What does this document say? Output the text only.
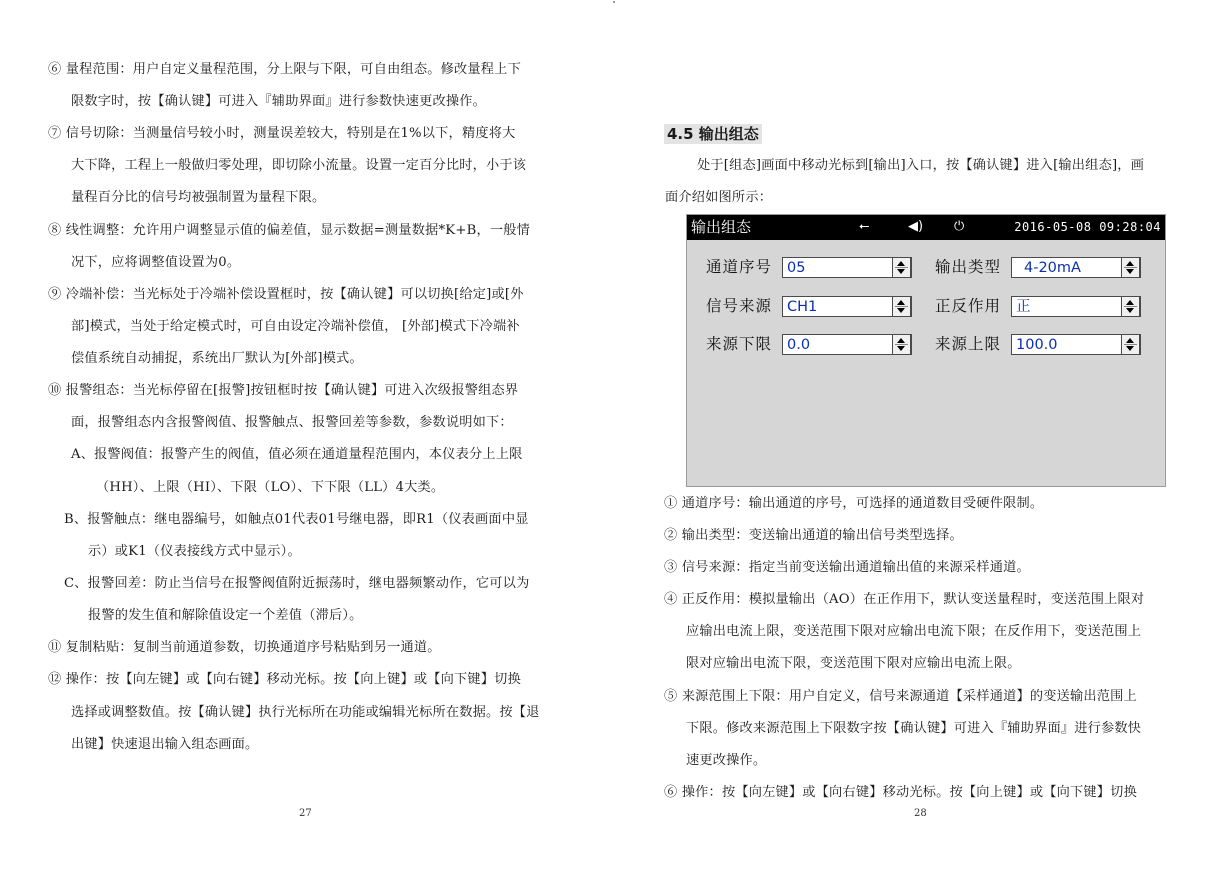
⑥ 量程范围：用户自定义量程范围，分上限与下限，可自由组态。修改量程上下
限数字时，按【确认键】可进入『辅助界面』进行参数快速更改操作。
⑦ 信号切除：当测量信号较小时，测量误差较大，特别是在1%以下，精度将大
大下降，工程上一般做归零处理，即切除小流量。设置一定百分比时，小于该
量程百分比的信号均被强制置为量程下限。
⑧ 线性调整：允许用户调整显示值的偏差值，显示数据=测量数据*K+B，一般情
况下，应将调整值设置为0。
⑨ 冷端补偿：当光标处于冷端补偿设置框时，按【确认键】可以切换[给定]或[外
部]模式，当处于给定模式时，可自由设定冷端补偿值， [外部]模式下冷端补
偿值系统自动捕捉，系统出厂默认为[外部]模式。
⑩ 报警组态：当光标停留在[报警]按钮框时按【确认键】可进入次级报警组态界
面，报警组态内含报警阀值、报警触点、报警回差等参数，参数说明如下：
A、报警阀值：报警产生的阀值，值必须在通道量程范围内，本仪表分上上限
（HH）、上限（HI）、下限（LO）、下下限（LL）4大类。
B、报警触点：继电器编号，如触点01代表01号继电器，即R1（仪表画面中显
示）或K1（仪表接线方式中显示）。
C、报警回差：防止当信号在报警阀值附近振荡时，继电器频繁动作，它可以为
报警的发生值和解除值设定一个差值（滞后）。
⑪ 复制粘贴：复制当前通道参数，切换通道序号粘贴到另一通道。
⑫ 操作：按【向左键】或【向右键】移动光标。按【向上键】或【向下键】切换
选择或调整数值。按【确认键】执行光标所在功能或编辑光标所在数据。按【退
出键】快速退出输入组态画面。
27
4.5 输出组态
处于[组态]画面中移动光标到[输出]入口，按【确认键】进入[输出组态]，画
面介绍如图所示：
输出组态	⭠	◀) ⏻	2016-05-08 09:28:04
通道序号 05	输出类型 4-20mA
信号来源 CH1	正反作用 正
来源下限 0.0	来源上限 100.0
① 通道序号：输出通道的序号，可选择的通道数目受硬件限制。
② 输出类型：变送输出通道的输出信号类型选择。
③ 信号来源：指定当前变送输出通道输出值的来源采样通道。
④ 正反作用：模拟量输出（AO）在正作用下，默认变送量程时，变送范围上限对
应输出电流上限，变送范围下限对应输出电流下限；在反作用下，变送范围上
限对应输出电流下限，变送范围下限对应输出电流上限。
⑤ 来源范围上下限：用户自定义，信号来源通道【采样通道】的变送输出范围上
下限。修改来源范围上下限数字按【确认键】可进入『辅助界面』进行参数快
速更改操作。
⑥ 操作：按【向左键】或【向右键】移动光标。按【向上键】或【向下键】切换
28
